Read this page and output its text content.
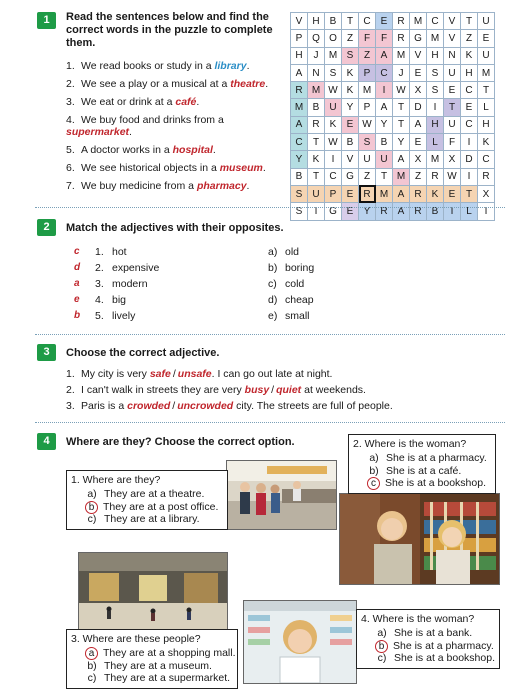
1	Read the sentences below and find the correct words in the puzzle to complete them.
1. We read books or study in a library.
2. We see a play or a musical at a theatre.
3. We eat or drink at a café.
4. We buy food and drinks from a supermarket.
5. A doctor works in a hospital.
6. We see historical objects in a museum.
7. We buy medicine from a pharmacy.
V	H	B	T	C	E	R	M	C	V	T	U
P	Q	O	Z	F	F	R	G	M	V	Z	E
H	J	M	S	Z	A	M	V	H	N	K	U
A	N	S	K	P	C	J	E	S	U	H	M
R	M	W	K	M	I	W	X	S	E	C	T
M	B	U	Y	P	A	T	D	I	T	E	L
A	R	K	E	W	Y	T	A	H	U	C	H
C	T	W	B	S	B	Y	E	L	F	I	K
Y	K	I	V	U	U	A	X	M	X	D	C
B	T	C	G	Z	T	M	Z	R	W	I	R
S	U	P	E	R	M	A	R	K	E	T	X
S	I	G	E	Y	R	A	R	B	I	L	I
2	Match the adjectives with their opposites.
c 1. hot	a) old
d 2. expensive	b) boring
a 3. modern	c) cold
e 4. big	d) cheap
b 5. lively	e) small
3	Choose the correct adjective.
1. My city is very safe / unsafe. I can go out late at night.
2. I can't walk in streets they are very busy / quiet at weekends.
3. Paris is a crowded / uncrowded city. The streets are full of people.
4	Where are they? Choose the correct option.
1. Where are they?
a) They are at a theatre.
b They are at a post office.
c) They are at a library.
2. Where is the woman?
a) She is at a pharmacy.
b) She is at a café.
c She is at a bookshop.
3. Where are these people?
a They are at a shopping mall.
b) They are at a museum.
c) They are at a supermarket.
4. Where is the woman?
a) She is at a bank.
b She is at a pharmacy.
c) She is at a bookshop.
